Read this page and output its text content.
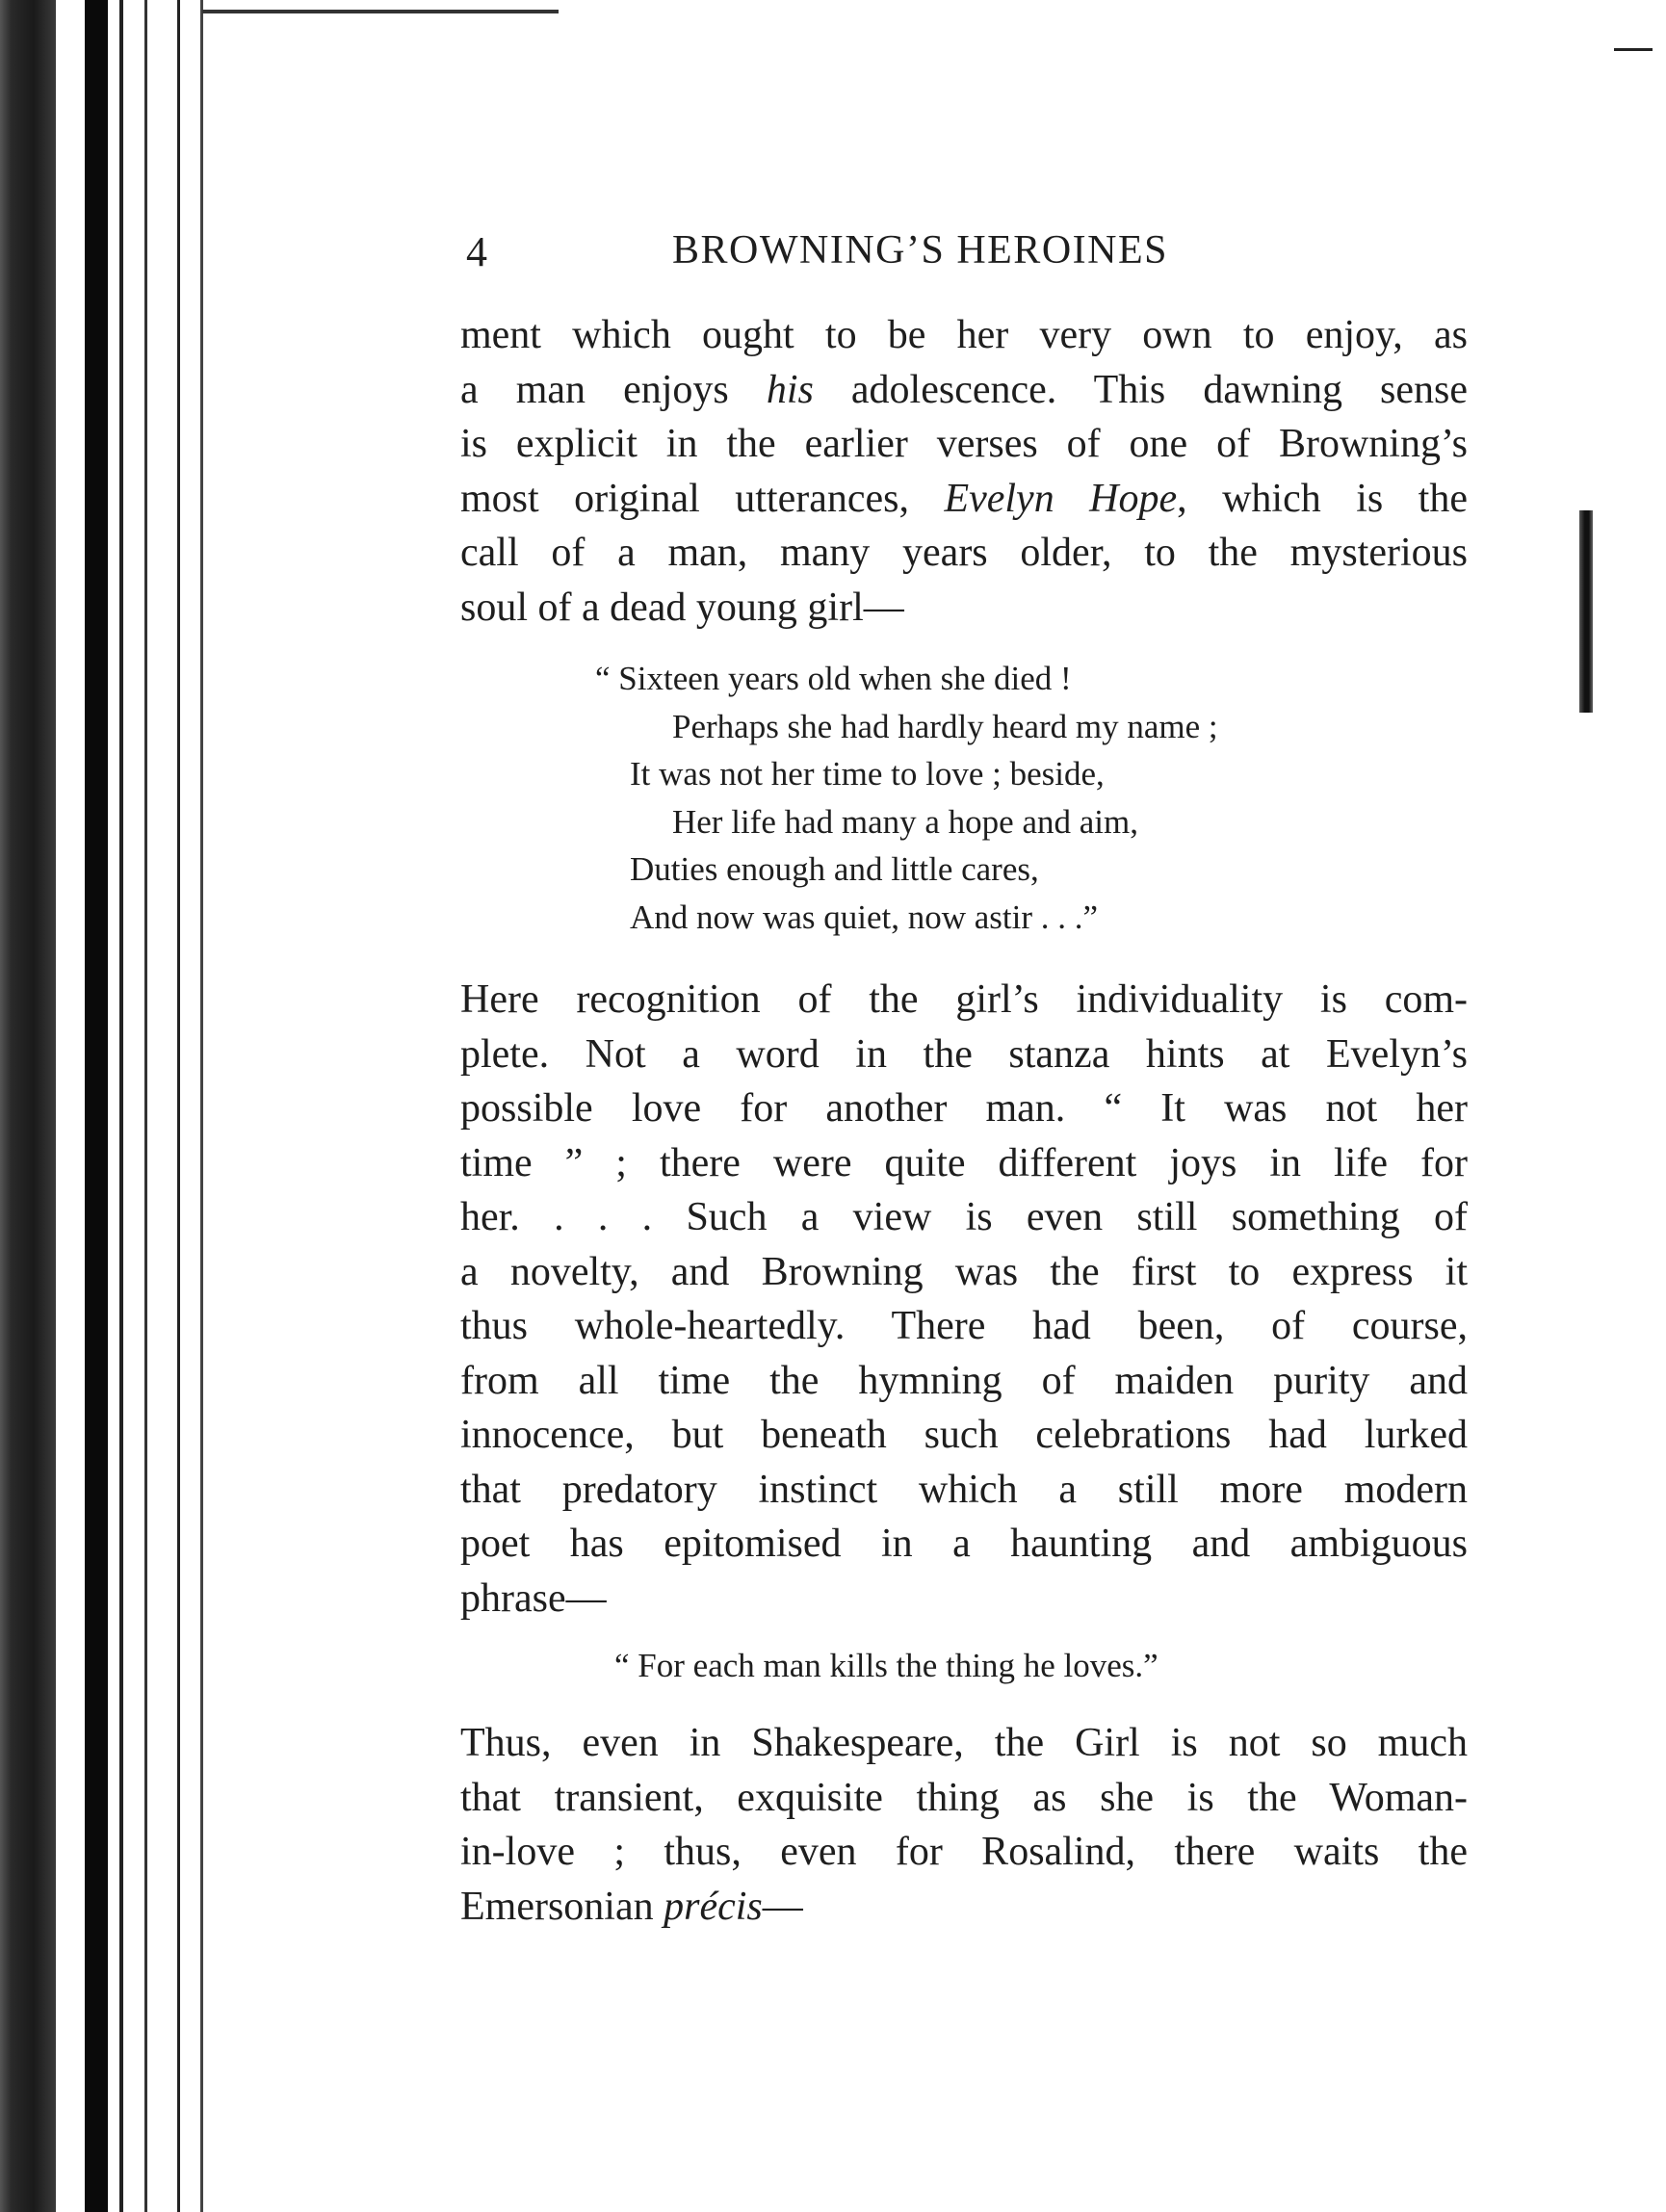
4	BROWNING’S HEROINES
ment which ought to be her very own to enjoy, as
a man enjoys his adolescence. This dawning sense
is explicit in the earlier verses of one of Browning’s
most original utterances, Evelyn Hope, which is the
call of a man, many years older, to the mysterious
soul of a dead young girl—
“ Sixteen years old when she died !
Perhaps she had hardly heard my name ;
It was not her time to love ; beside,
Her life had many a hope and aim,
Duties enough and little cares,
And now was quiet, now astir . . .”
Here recognition of the girl’s individuality is com-
plete. Not a word in the stanza hints at Evelyn’s
possible love for another man. “ It was not her
time ” ; there were quite different joys in life for
her. . . . Such a view is even still something of
a novelty, and Browning was the first to express it
thus whole-heartedly. There had been, of course,
from all time the hymning of maiden purity and
innocence, but beneath such celebrations had lurked
that predatory instinct which a still more modern
poet has epitomised in a haunting and ambiguous
phrase—
“ For each man kills the thing he loves.”
Thus, even in Shakespeare, the Girl is not so much
that transient, exquisite thing as she is the Woman-
in-love ; thus, even for Rosalind, there waits the
Emersonian précis—
